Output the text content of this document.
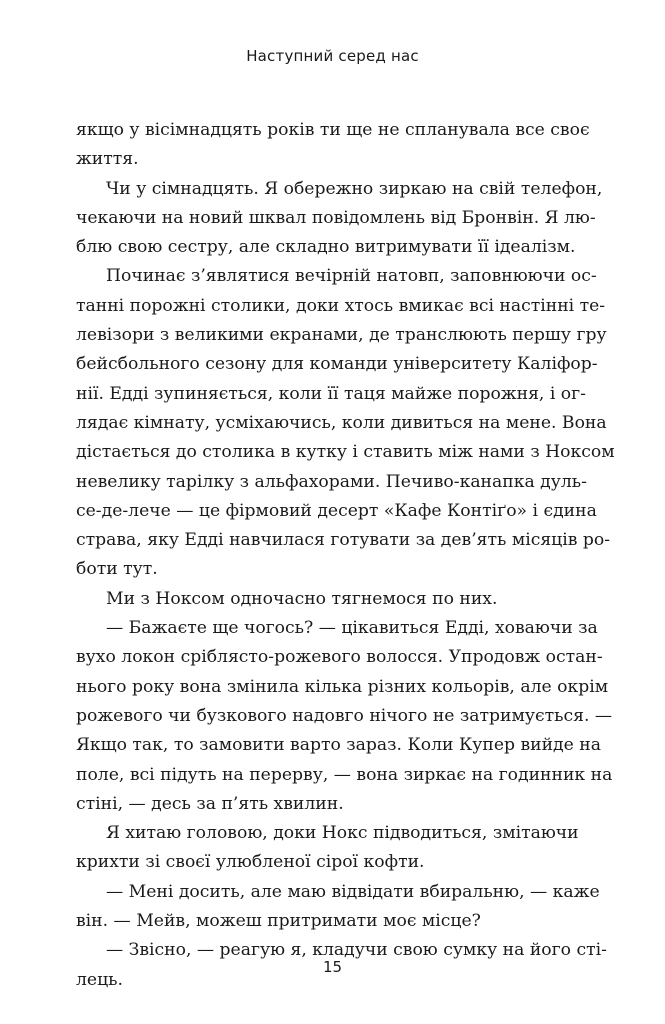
Наступний серед нас
якщо у вісімнадцять років ти ще не спланувала все своє
життя.
Чи у сімнадцять. Я обережно зиркаю на свій телефон,
чекаючи на новий шквал повідомлень від Бронвін. Я лю-
блю свою сестру, але складно витримувати її ідеалізм.
Починає з’являтися вечірній натовп, заповнюючи ос-
танні порожні столики, доки хтось вмикає всі настінні те-
левізори з великими екранами, де транслюють першу гру
бейсбольного сезону для команди університету Каліфор-
нії. Едді зупиняється, коли її таця майже порожня, і ог-
лядає кімнату, усміхаючись, коли дивиться на мене. Вона
дістається до столика в кутку і ставить між нами з Ноксом
невелику тарілку з альфахорами. Печиво-канапка дуль-
се-де-лече — це фірмовий десерт «Кафе Контіґо» і єдина
страва, яку Едді навчилася готувати за дев’ять місяців ро-
боти тут.
Ми з Ноксом одночасно тягнемося по них.
— Бажаєте ще чогось? — цікавиться Едді, ховаючи за
вухо локон сріблясто-рожевого волосся. Упродовж остан-
нього року вона змінила кілька різних кольорів, але окрім
рожевого чи бузкового надовго нічого не затримується. —
Якщо так, то замовити варто зараз. Коли Купер вийде на
поле, всі підуть на перерву, — вона зиркає на годинник на
стіні, — десь за п’ять хвилин.
Я хитаю головою, доки Нокс підводиться, змітаючи
крихти зі своєї улюбленої сірої кофти.
— Мені досить, але маю відвідати вбиральню, — каже
він. — Мейв, можеш притримати моє місце?
— Звісно, — реагую я, кладучи свою сумку на його сті-
лець.
15
